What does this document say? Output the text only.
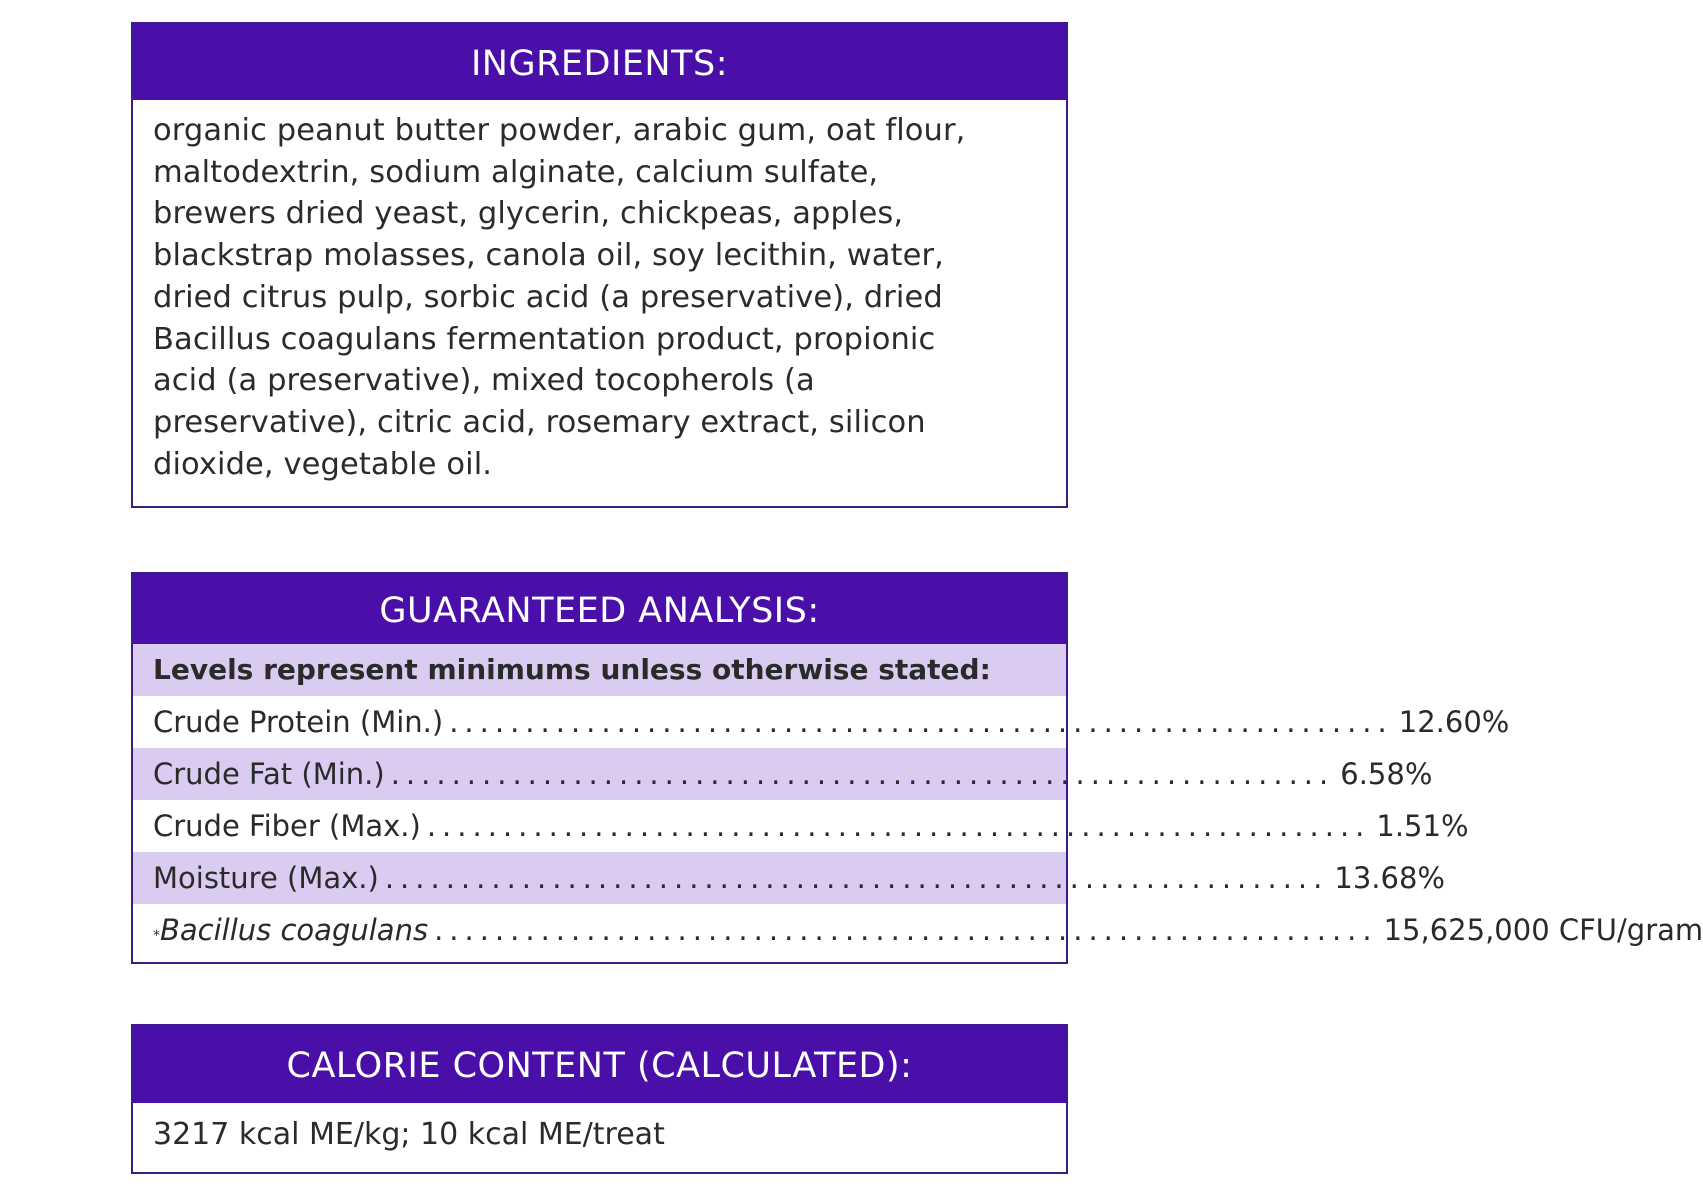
INGREDIENTS:
organic peanut butter powder, arabic gum, oat flour,
maltodextrin, sodium alginate, calcium sulfate,
brewers dried yeast, glycerin, chickpeas, apples,
blackstrap molasses, canola oil, soy lecithin, water,
dried citrus pulp, sorbic acid (a preservative), dried
Bacillus coagulans fermentation product, propionic
acid (a preservative), mixed tocopherols (a
preservative), citric acid, rosemary extract, silicon
dioxide, vegetable oil.
GUARANTEED ANALYSIS:
Levels represent minimums unless otherwise stated:
Crude Protein (Min.) .............................................................. 12.60%
Crude Fat (Min.) .............................................................. 6.58%
Crude Fiber (Max.) .............................................................. 1.51%
Moisture (Max.) .............................................................. 13.68%
* Bacillus coagulans .............................................................. 15,625,000 CFU/gram
CALORIE CONTENT (CALCULATED):
3217 kcal ME/kg; 10 kcal ME/treat
